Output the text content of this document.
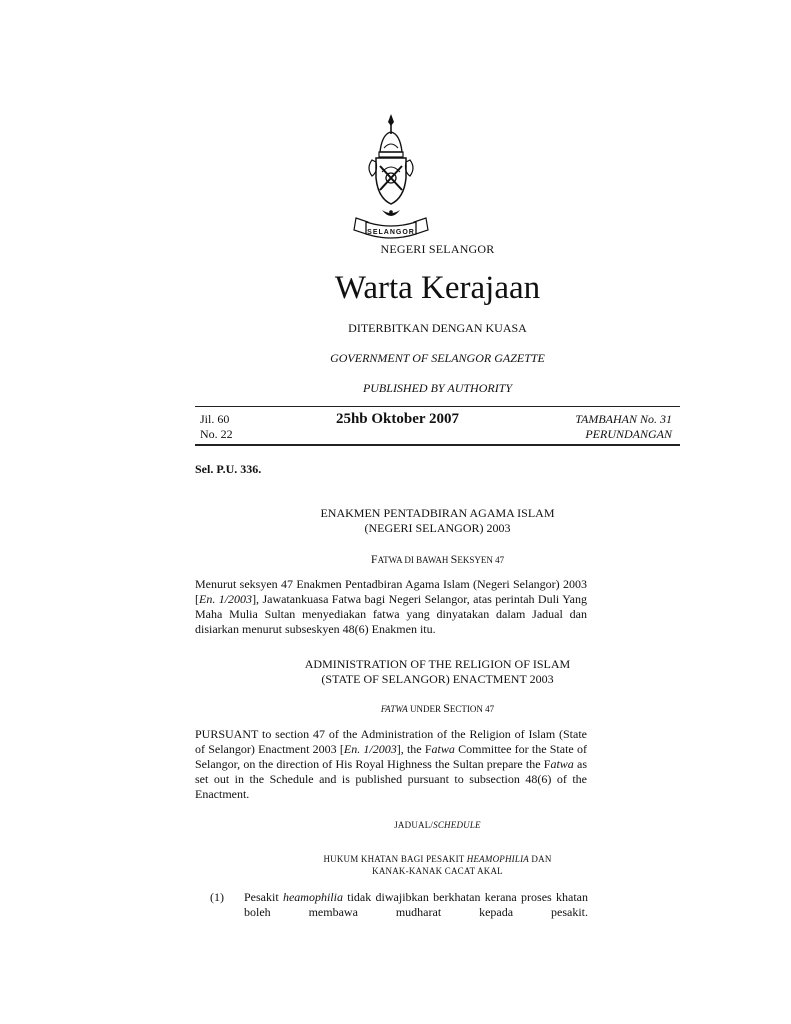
SELANGOR
NEGERI SELANGOR
Warta Kerajaan
DITERBITKAN DENGAN KUASA
GOVERNMENT OF SELANGOR GAZETTE
PUBLISHED BY AUTHORITY
Jil. 60
No. 22
25hb Oktober 2007	TAMBAHAN No. 31
PERUNDANGAN
Sel. P.U. 336.
ENAKMEN PENTADBIRAN AGAMA ISLAM
(NEGERI SELANGOR) 2003
FATWA DI BAWAH SEKSYEN 47
Menurut seksyen 47 Enakmen Pentadbiran Agama Islam (Negeri Selangor) 2003 [En. 1/2003], Jawatankuasa Fatwa bagi Negeri Selangor, atas perintah Duli Yang Maha Mulia Sultan menyediakan fatwa yang dinyatakan dalam Jadual dan disiarkan menurut subseskyen 48(6) Enakmen itu.
ADMINISTRATION OF THE RELIGION OF ISLAM
(STATE OF SELANGOR) ENACTMENT 2003
FATWA UNDER SECTION 47
PURSUANT to section 47 of the Administration of the Religion of Islam (State of Selangor) Enactment 2003 [En. 1/2003], the Fatwa Committee for the State of Selangor, on the direction of His Royal Highness the Sultan prepare the Fatwa as set out in the Schedule and is published pursuant to subsection 48(6) of the Enactment.
JADUAL/SCHEDULE
HUKUM KHATAN BAGI PESAKIT HEAMOPHILIA DAN
KANAK-KANAK CACAT AKAL
(1) Pesakit heamophilia tidak diwajibkan berkhatan kerana proses khatan boleh membawa mudharat kepada pesakit.
